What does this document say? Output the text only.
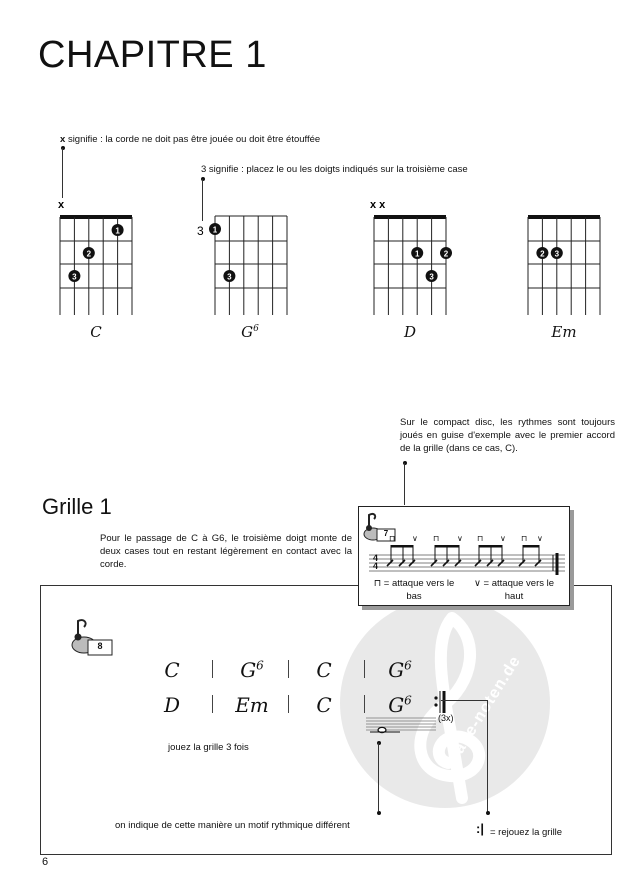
CHAPITRE 1
x signifie : la corde ne doit pas être jouée ou doit être étouffée
3 signifie : placez le ou les doigts indiqués sur la troisième case
x
1
2
3
3 1
3
x x
1	2
3
2 3
C	$G^6$	D	Em
Sur le compact disc, les rythmes sont toujours joués en guise d'exemple avec le premier accord de la grille (dans ce cas, C).
Grille 1
Pour le passage de C à G6, le troisième doigt monte de deux cases tout en restant légèrement en contact avec la corde.
alle-noten.de
8
C	$G^6$	C	$G^6$
D	Em	C	$G^6$
(3x)
jouez la grille 3 fois
on indique de cette manière un motif rythmique différent	:| = rejouez la grille
7
⊓ ∨ ⊓ ∨ ⊓ ∨ ⊓ ∨
4
4
⊓ = attaque vers le bas
∨ = attaque vers le haut
6
